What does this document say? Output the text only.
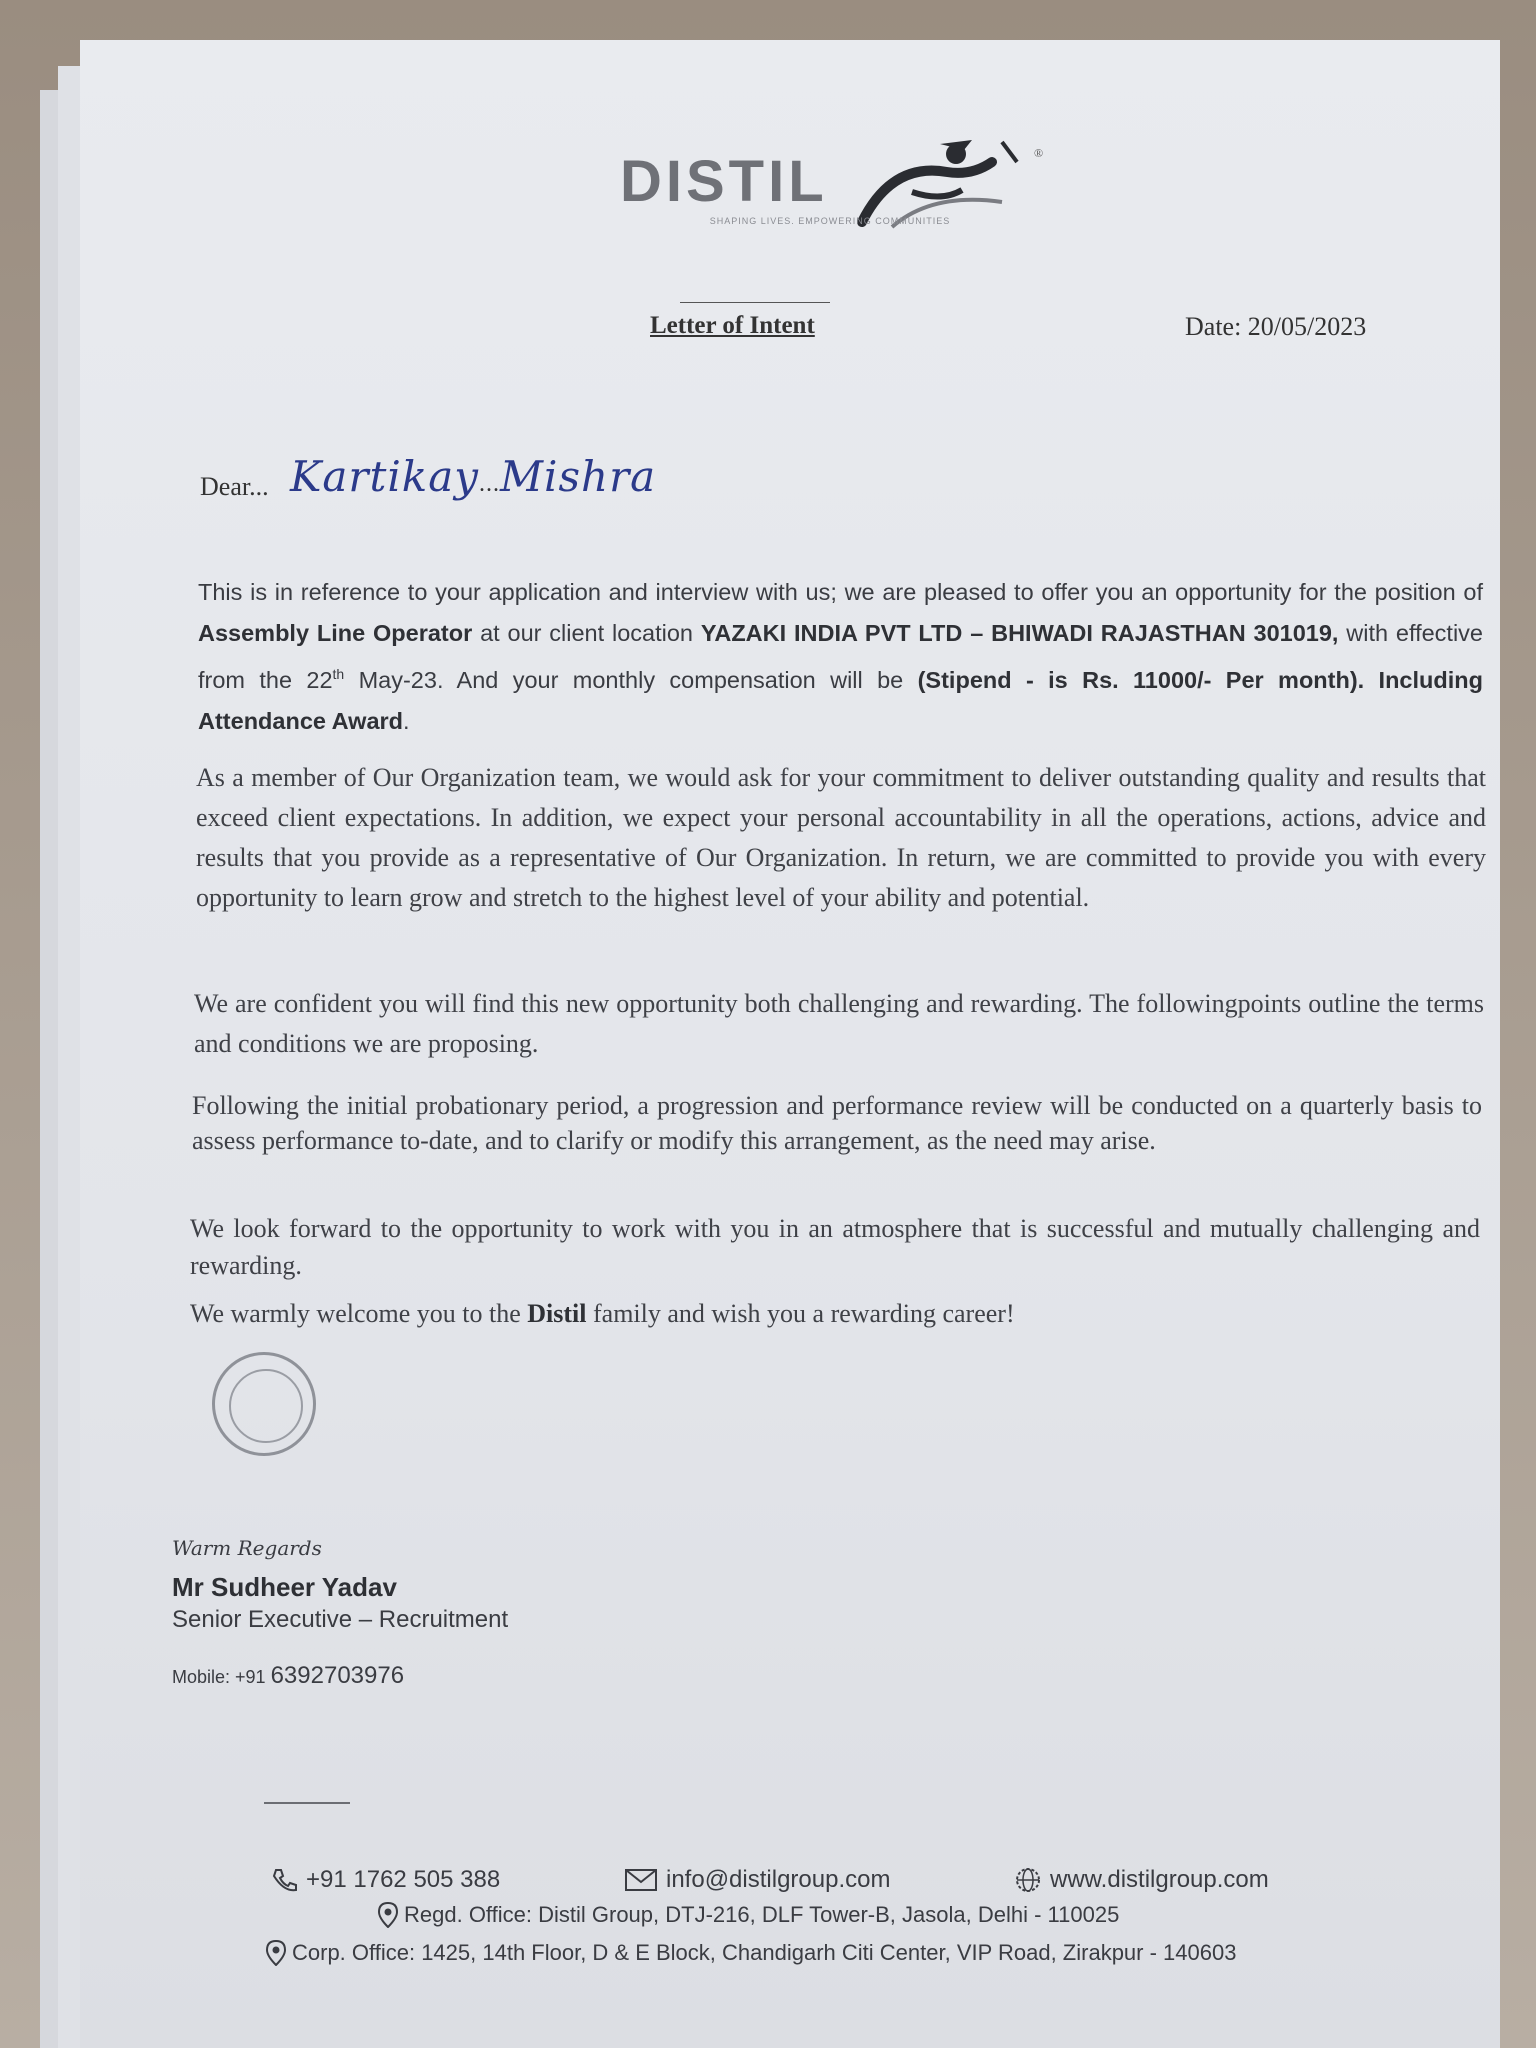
DISTIL	®
SHAPING LIVES. EMPOWERING COMMUNITIES
Letter of Intent	Date: 20/05/2023
Dear... Kartikay...Mishra
This is in reference to your application and interview with us; we are pleased to offer you an opportunity for the position of Assembly Line Operator at our client location YAZAKI INDIA PVT LTD – BHIWADI RAJASTHAN 301019, with effective from the 22th May-23. And your monthly compensation will be (Stipend - is Rs. 11000/- Per month). Including Attendance Award.
As a member of Our Organization team, we would ask for your commitment to deliver outstanding quality and results that exceed client expectations. In addition, we expect your personal accountability in all the operations, actions, advice and results that you provide as a representative of Our Organization. In return, we are committed to provide you with every opportunity to learn grow and stretch to the highest level of your ability and potential.
We are confident you will find this new opportunity both challenging and rewarding. The followingpoints outline the terms and conditions we are proposing.
Following the initial probationary period, a progression and performance review will be conducted on a quarterly basis to assess performance to-date, and to clarify or modify this arrangement, as the need may arise.
We look forward to the opportunity to work with you in an atmosphere that is successful and mutually challenging and rewarding.
We warmly welcome you to the Distil family and wish you a rewarding career!
Warm Regards
Mr Sudheer Yadav
Senior Executive – Recruitment
Mobile: +91 6392703976
+91 1762 505 388	info@distilgroup.com	www.distilgroup.com
Regd. Office: Distil Group, DTJ-216, DLF Tower-B, Jasola, Delhi - 110025
Corp. Office: 1425, 14th Floor, D & E Block, Chandigarh Citi Center, VIP Road, Zirakpur - 140603
